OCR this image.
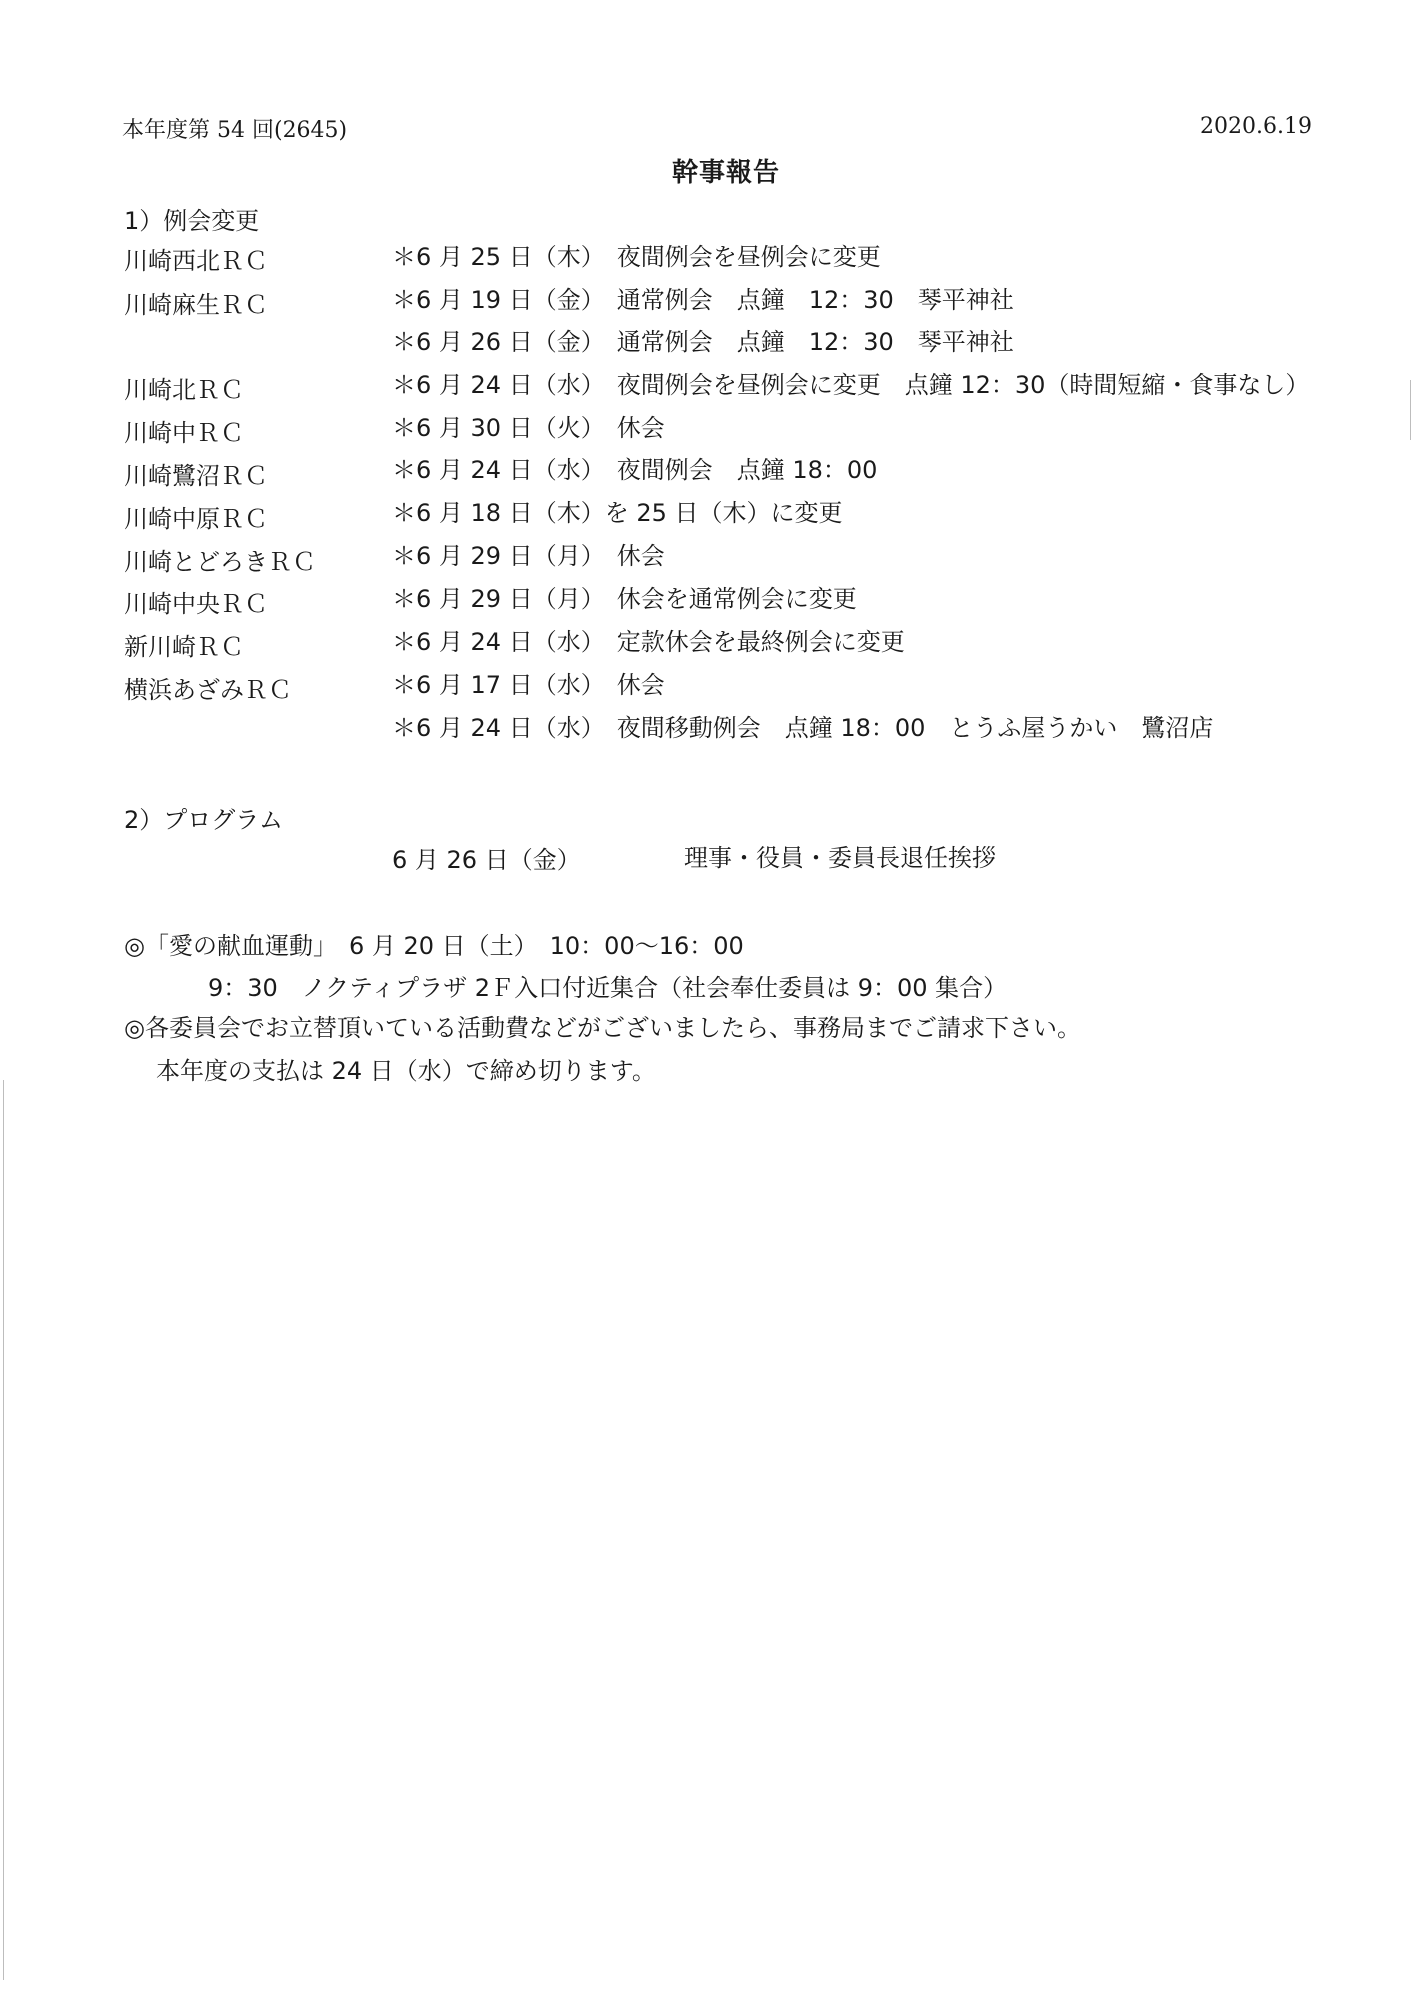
本年度第 54 回(2645)	2020.6.19
幹事報告
1）例会変更
川崎西北ＲＣ	＊6 月 25 日（木）　夜間例会を昼例会に変更
川崎麻生ＲＣ	＊6 月 19 日（金）　通常例会　点鐘　12：30　琴平神社
＊6 月 26 日（金）　通常例会　点鐘　12：30　琴平神社
川崎北ＲＣ	＊6 月 24 日（水）　夜間例会を昼例会に変更　点鐘 12：30（時間短縮・食事なし）
川崎中ＲＣ	＊6 月 30 日（火）　休会
川崎鷺沼ＲＣ	＊6 月 24 日（水）　夜間例会　点鐘 18：00
川崎中原ＲＣ	＊6 月 18 日（木）を 25 日（木）に変更
川崎とどろきＲＣ	＊6 月 29 日（月）　休会
川崎中央ＲＣ	＊6 月 29 日（月）　休会を通常例会に変更
新川崎ＲＣ	＊6 月 24 日（水）　定款休会を最終例会に変更
横浜あざみＲＣ	＊6 月 17 日（水）　休会
＊6 月 24 日（水）　夜間移動例会　点鐘 18：00　とうふ屋うかい　鷺沼店
2）プログラム
6 月 26 日（金）	理事・役員・委員長退任挨拶
◎「愛の献血運動」　6 月 20 日（土）　10：00～16：00
9：30　ノクティプラザ 2Ｆ入口付近集合（社会奉仕委員は 9：00 集合）
◎各委員会でお立替頂いている活動費などがございましたら、事務局までご請求下さい。
本年度の支払は 24 日（水）で締め切ります。
